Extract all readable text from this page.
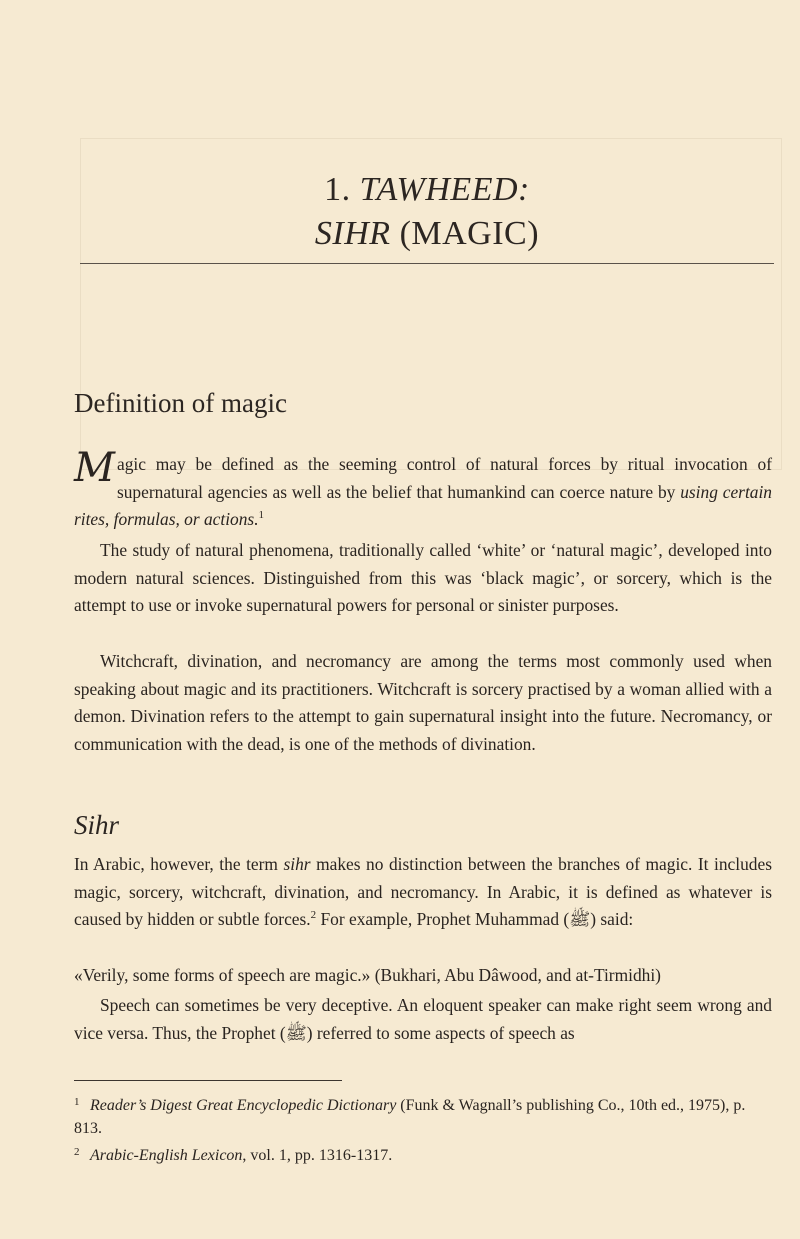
1. TAWHEED:
SIHR (MAGIC)
Definition of magic
Magic may be defined as the seeming control of natural forces by ritual invocation of supernatural agencies as well as the belief that humankind can coerce nature by using certain rites, formulas, or actions.$^1$
The study of natural phenomena, traditionally called ‘white’ or ‘natural magic’, developed into modern natural sciences. Distinguished from this was ‘black magic’, or sorcery, which is the attempt to use or invoke supernatural powers for personal or sinister purposes.
Witchcraft, divination, and necromancy are among the terms most commonly used when speaking about magic and its practitioners. Witchcraft is sorcery practised by a woman allied with a demon. Divination refers to the attempt to gain supernatural insight into the future. Necromancy, or communication with the dead, is one of the methods of divination.
Sihr
In Arabic, however, the term sihr makes no distinction between the branches of magic. It includes magic, sorcery, witchcraft, divination, and necromancy. In Arabic, it is defined as whatever is caused by hidden or subtle forces.$^2$ For example, Prophet Muhammad (ﷺ) said:
«Verily, some forms of speech are magic.» (Bukhari, Abu Dâwood, and at-Tirmidhi)
Speech can sometimes be very deceptive. An eloquent speaker can make right seem wrong and vice versa. Thus, the Prophet (ﷺ) referred to some aspects of speech as
1 Reader’s Digest Great Encyclopedic Dictionary (Funk & Wagnall’s publishing Co., 10th ed., 1975), p. 813.
2 Arabic-English Lexicon, vol. 1, pp. 1316-1317.
